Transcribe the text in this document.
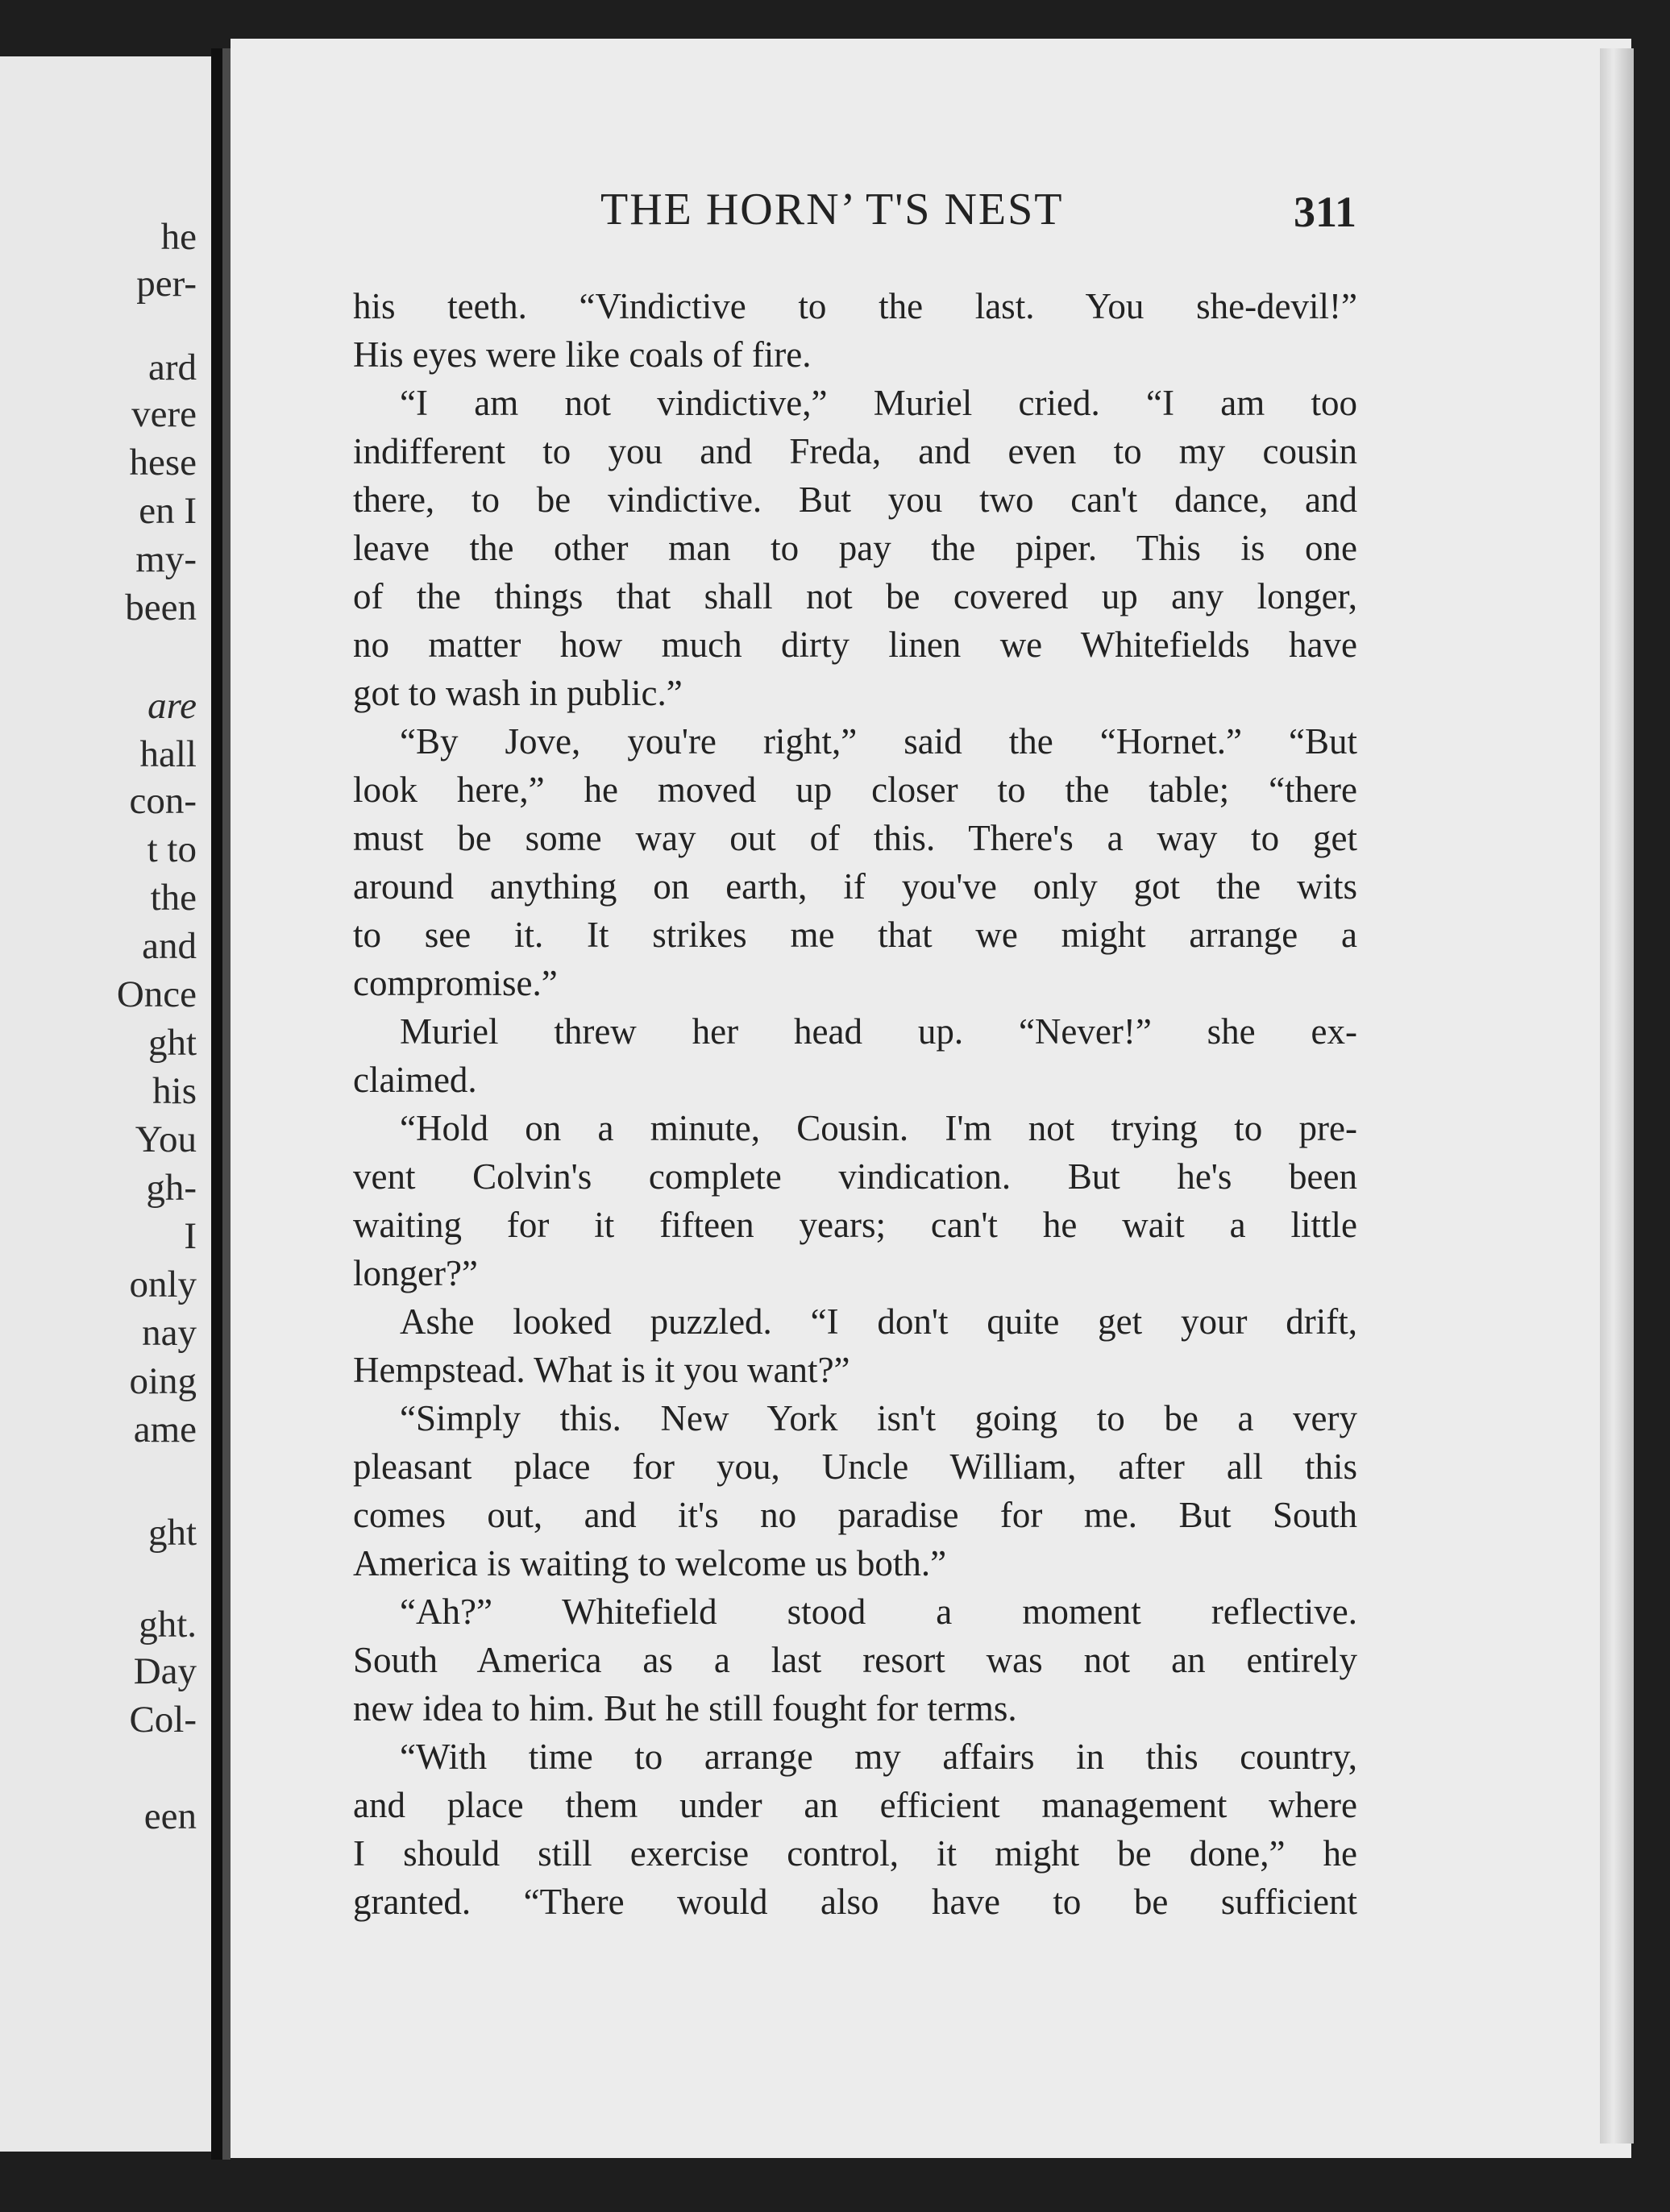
he
per-
ard
vere
hese
en I
my-
been
are
hall
con-
t to
the
and
Once
ght
his
You
gh-
I
only
nay
oing
ame
ght
ght.
Day
Col-
een
THE HORN’ T'S NEST	311

his teeth. “Vindictive to the last. You she-devil!”

His eyes were like coals of fire.

“I am not vindictive,” Muriel cried. “I am too

indifferent to you and Freda, and even to my cousin

there, to be vindictive. But you two can't dance, and

leave the other man to pay the piper. This is one

of the things that shall not be covered up any longer,

no matter how much dirty linen we Whitefields have

got to wash in public.”

“By Jove, you're right,” said the “Hornet.” “But

look here,” he moved up closer to the table; “there

must be some way out of this. There's a way to get

around anything on earth, if you've only got the wits

to see it. It strikes me that we might arrange a

compromise.”

Muriel threw her head up. “Never!” she ex-

claimed.

“Hold on a minute, Cousin. I'm not trying to pre-

vent Colvin's complete vindication. But he's been

waiting for it fifteen years; can't he wait a little

longer?”

Ashe looked puzzled. “I don't quite get your drift,

Hempstead. What is it you want?”

“Simply this. New York isn't going to be a very

pleasant place for you, Uncle William, after all this

comes out, and it's no paradise for me. But South

America is waiting to welcome us both.”

“Ah?” Whitefield stood a moment reflective.

South America as a last resort was not an entirely

new idea to him. But he still fought for terms.

“With time to arrange my affairs in this country,

and place them under an efficient management where

I should still exercise control, it might be done,” he

granted. “There would also have to be sufficient
